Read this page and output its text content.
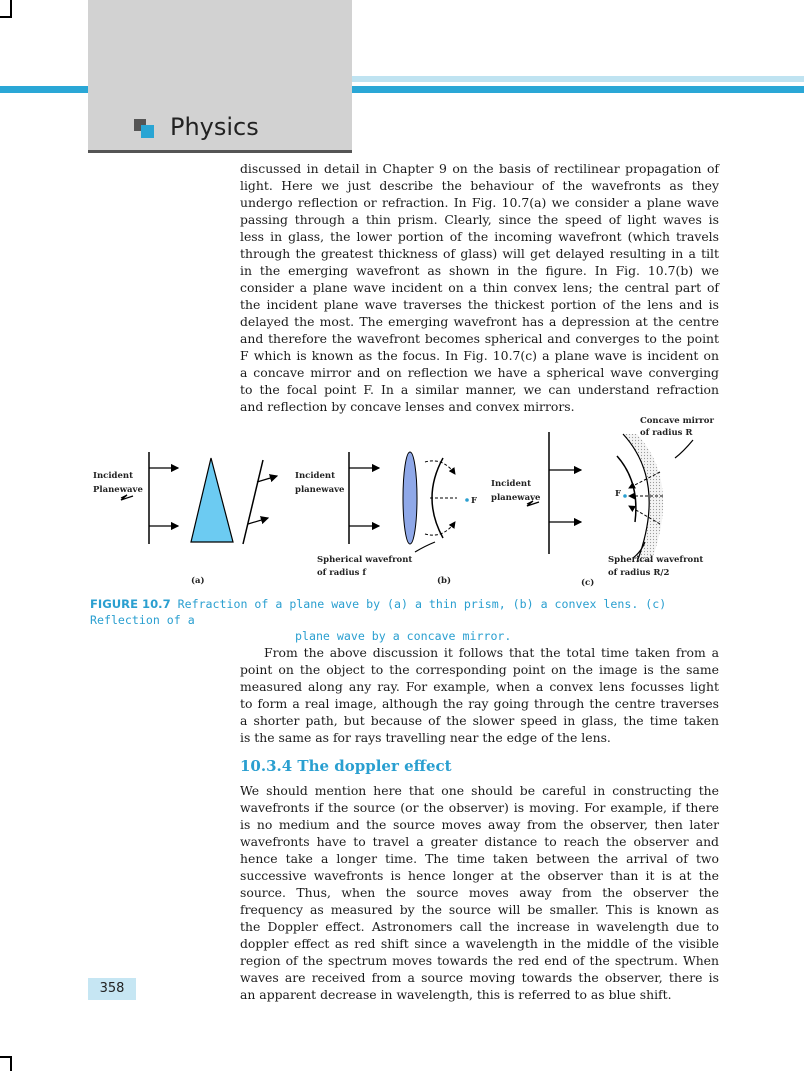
Physics

discussed in detail in Chapter 9 on the basis of rectilinear propagation of
light. Here we just describe the behaviour of the wavefronts as they
undergo reflection or refraction. In Fig. 10.7(a) we consider a plane wave
passing through a thin prism. Clearly, since the speed of light waves is
less in glass, the lower portion of the incoming wavefront (which travels
through the greatest thickness of glass) will get delayed resulting in a tilt
in the emerging wavefront as shown in the figure. In Fig. 10.7(b) we
consider a plane wave incident on a thin convex lens; the central part of
the incident plane wave traverses the thickest portion of the lens and is
delayed the most. The emerging wavefront has a depression at the centre
and therefore the wavefront becomes spherical and converges to the point
F which is known as the focus. In Fig. 10.7(c) a plane wave is incident on
a concave mirror and on reflection we have a spherical wave converging
to the focal point F. In a similar manner, we can understand refraction
and reflection by concave lenses and convex mirrors.

Incident
Planewave
(a)
Incident
planewave
F
Spherical wavefront
of radius f
(b)
Incident
planewave	F
Concave mirror
of radius R
Spherical wavefront
of radius R/2
(c)
FIGURE 10.7 Refraction of a plane wave by (a) a thin prism, (b) a convex lens. (c) Reflection of a
plane wave by a concave mirror.

From the above discussion it follows that the total time taken from a
point on the object to the corresponding point on the image is the same
measured along any ray. For example, when a convex lens focusses light
to form a real image, although the ray going through the centre traverses
a shorter path, but because of the slower speed in glass, the time taken
is the same as for rays travelling near the edge of the lens.

10.3.4 The doppler effect

We should mention here that one should be careful in constructing the
wavefronts if the source (or the observer) is moving. For example, if there
is no medium and the source moves away from the observer, then later
wavefronts have to travel a greater distance to reach the observer and
hence take a longer time. The time taken between the arrival of two
successive wavefronts is hence longer at the observer than it is at the
source. Thus, when the source moves away from the observer the
frequency as measured by the source will be smaller. This is known as
the Doppler effect. Astronomers call the increase in wavelength due to
doppler effect as red shift since a wavelength in the middle of the visible
region of the spectrum moves towards the red end of the spectrum. When
waves are received from a source moving towards the observer, there is
an apparent decrease in wavelength, this is referred to as blue shift.

358
